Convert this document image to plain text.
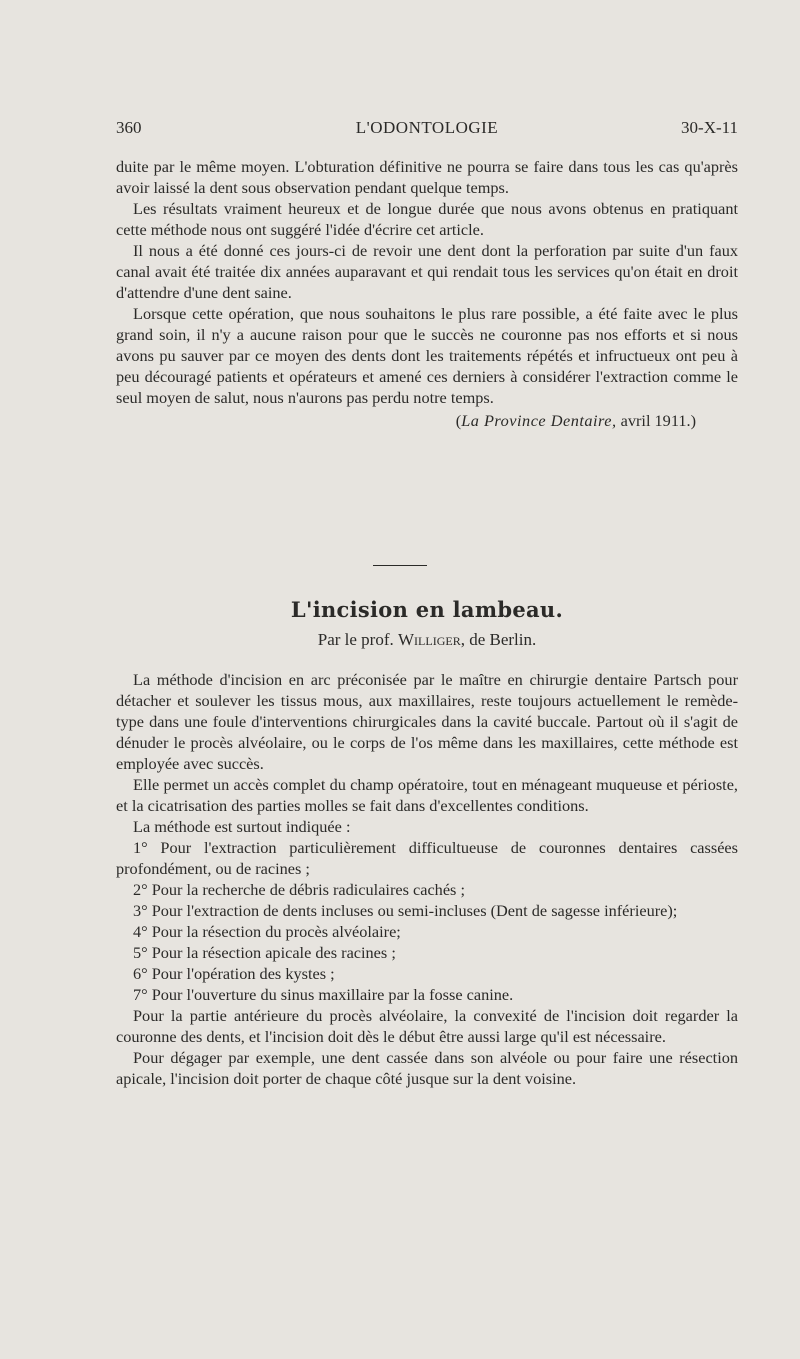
360	L'ODONTOLOGIE	30-X-11

duite par le même moyen. L'obturation définitive ne pourra se faire dans tous les cas qu'après avoir laissé la dent sous observation pendant quelque temps.

Les résultats vraiment heureux et de longue durée que nous avons obtenus en pratiquant cette méthode nous ont suggéré l'idée d'écrire cet article.

Il nous a été donné ces jours-ci de revoir une dent dont la perforation par suite d'un faux canal avait été traitée dix années auparavant et qui rendait tous les services qu'on était en droit d'attendre d'une dent saine.

Lorsque cette opération, que nous souhaitons le plus rare possible, a été faite avec le plus grand soin, il n'y a aucune raison pour que le succès ne couronne pas nos efforts et si nous avons pu sauver par ce moyen des dents dont les traitements répétés et infructueux ont peu à peu découragé patients et opérateurs et amené ces derniers à considérer l'extraction comme le seul moyen de salut, nous n'aurons pas perdu notre temps.

(La Province Dentaire, avril 1911.)
L'incision en lambeau.
Par le prof. Williger, de Berlin.

La méthode d'incision en arc préconisée par le maître en chirurgie dentaire Partsch pour détacher et soulever les tissus mous, aux maxillaires, reste toujours actuellement le remède-type dans une foule d'interventions chirurgicales dans la cavité buccale. Partout où il s'agit de dénuder le procès alvéolaire, ou le corps de l'os même dans les maxillaires, cette méthode est employée avec succès.

Elle permet un accès complet du champ opératoire, tout en ménageant muqueuse et périoste, et la cicatrisation des parties molles se fait dans d'excellentes conditions.

La méthode est surtout indiquée :

1° Pour l'extraction particulièrement difficultueuse de couronnes dentaires cassées profondément, ou de racines ;

2° Pour la recherche de débris radiculaires cachés ;

3° Pour l'extraction de dents incluses ou semi-incluses (Dent de sagesse inférieure);

4° Pour la résection du procès alvéolaire;

5° Pour la résection apicale des racines ;

6° Pour l'opération des kystes ;

7° Pour l'ouverture du sinus maxillaire par la fosse canine.

Pour la partie antérieure du procès alvéolaire, la convexité de l'incision doit regarder la couronne des dents, et l'incision doit dès le début être aussi large qu'il est nécessaire.

Pour dégager par exemple, une dent cassée dans son alvéole ou pour faire une résection apicale, l'incision doit porter de chaque côté jusque sur la dent voisine.
